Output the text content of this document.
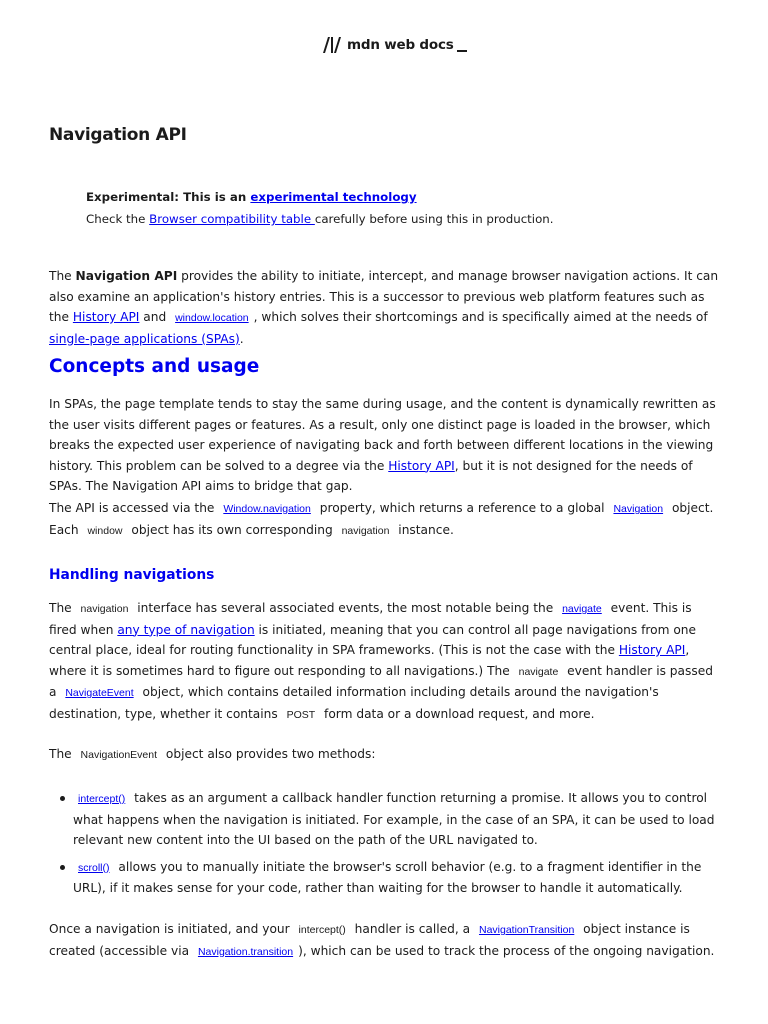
mdn web docs
Navigation API
Experimental: This is an experimental technology
Check the Browser compatibility table carefully before using this in production.

The Navigation API provides the ability to initiate, intercept, and manage browser navigation actions. It can also examine an application's history entries. This is a successor to previous web platform features such as the History API and window.location , which solves their shortcomings and is specifically aimed at the needs of single-page applications (SPAs).

Concepts and usage

In SPAs, the page template tends to stay the same during usage, and the content is dynamically rewritten as the user visits different pages or features. As a result, only one distinct page is loaded in the browser, which breaks the expected user experience of navigating back and forth between different locations in the viewing history. This problem can be solved to a degree via the History API, but it is not designed for the needs of SPAs. The Navigation API aims to bridge that gap.

The API is accessed via the Window.navigation property, which returns a reference to a global Navigation object. Each window object has its own corresponding navigation instance.

Handling navigations

The navigation interface has several associated events, the most notable being the navigate event. This is fired when any type of navigation is initiated, meaning that you can control all page navigations from one central place, ideal for routing functionality in SPA frameworks. (This is not the case with the History API, where it is sometimes hard to figure out responding to all navigations.) The navigate event handler is passed a NavigateEvent object, which contains detailed information including details around the navigation's destination, type, whether it contains POST form data or a download request, and more.

The NavigationEvent object also provides two methods:

intercept() takes as an argument a callback handler function returning a promise. It allows you to control what happens when the navigation is initiated. For example, in the case of an SPA, it can be used to load relevant new content into the UI based on the path of the URL navigated to.
scroll() allows you to manually initiate the browser's scroll behavior (e.g. to a fragment identifier in the URL), if it makes sense for your code, rather than waiting for the browser to handle it automatically.

Once a navigation is initiated, and your intercept() handler is called, a NavigationTransition object instance is created (accessible via Navigation.transition ), which can be used to track the process of the ongoing navigation.
